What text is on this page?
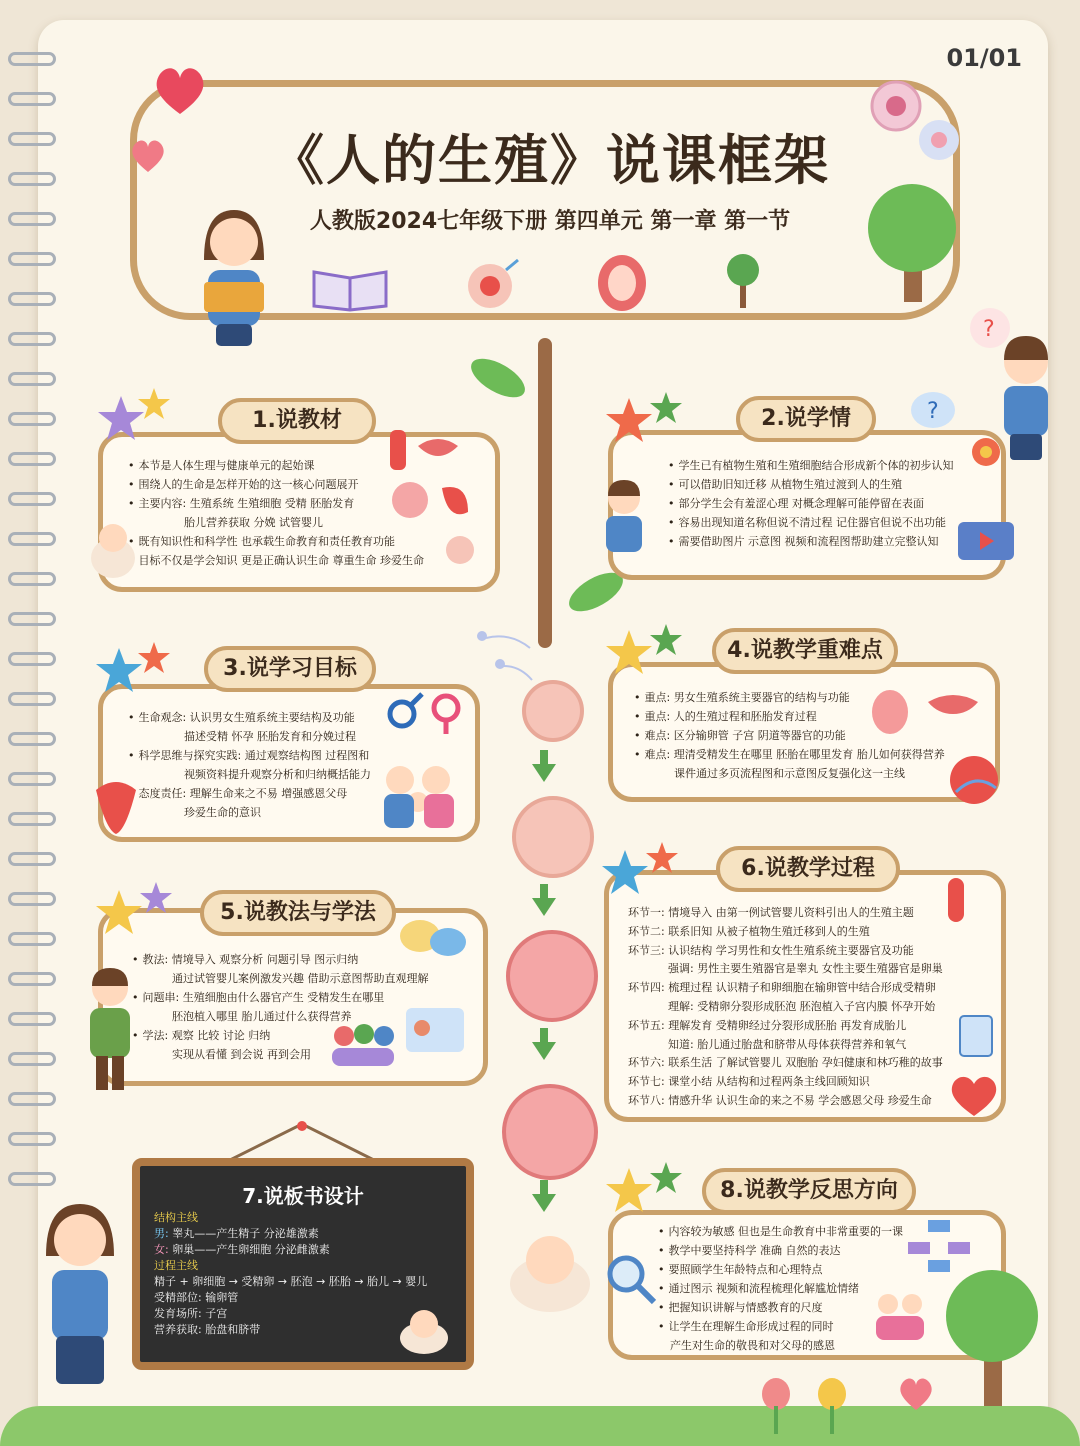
01/01
《人的生殖》说课框架
人教版2024七年级下册 第四单元 第一章 第一节
1.说教材
• 本节是人体生理与健康单元的起始课
• 围绕人的生命是怎样开始的这一核心问题展开
• 主要内容: 生殖系统 生殖细胞 受精 胚胎发育
胎儿营养获取 分娩 试管婴儿
• 既有知识性和科学性 也承载生命教育和责任教育功能
• 目标不仅是学会知识 更是正确认识生命 尊重生命 珍爱生命
2.说学情
• 学生已有植物生殖和生殖细胞结合形成新个体的初步认知
• 可以借助旧知迁移 从植物生殖过渡到人的生殖
• 部分学生会有羞涩心理 对概念理解可能停留在表面
• 容易出现知道名称但说不清过程 记住器官但说不出功能
• 需要借助图片 示意图 视频和流程图帮助建立完整认知
?
?
3.说学习目标
• 生命观念: 认识男女生殖系统主要结构及功能
描述受精 怀孕 胚胎发育和分娩过程
• 科学思维与探究实践: 通过观察结构图 过程图和
视频资料提升观察分析和归纳概括能力
• 态度责任: 理解生命来之不易 增强感恩父母
珍爱生命的意识
4.说教学重难点
• 重点: 男女生殖系统主要器官的结构与功能
• 重点: 人的生殖过程和胚胎发育过程
• 难点: 区分输卵管 子宫 阴道等器官的功能
• 难点: 理清受精发生在哪里 胚胎在哪里发育 胎儿如何获得营养
课件通过多页流程图和示意图反复强化这一主线
5.说教法与学法
• 教法: 情境导入 观察分析 问题引导 图示归纳
通过试管婴儿案例激发兴趣 借助示意图帮助直观理解
• 问题串: 生殖细胞由什么器官产生 受精发生在哪里
胚泡植入哪里 胎儿通过什么获得营养
• 学法: 观察 比较 讨论 归纳
实现从看懂 到会说 再到会用
6.说教学过程
环节一: 情境导入 由第一例试管婴儿资料引出人的生殖主题
环节二: 联系旧知 从被子植物生殖迁移到人的生殖
环节三: 认识结构 学习男性和女性生殖系统主要器官及功能
强调: 男性主要生殖器官是睾丸 女性主要生殖器官是卵巢
环节四: 梳理过程 认识精子和卵细胞在输卵管中结合形成受精卵
理解: 受精卵分裂形成胚泡 胚泡植入子宫内膜 怀孕开始
环节五: 理解发育 受精卵经过分裂形成胚胎 再发育成胎儿
知道: 胎儿通过胎盘和脐带从母体获得营养和氧气
环节六: 联系生活 了解试管婴儿 双胞胎 孕妇健康和林巧稚的故事
环节七: 课堂小结 从结构和过程两条主线回顾知识
环节八: 情感升华 认识生命的来之不易 学会感恩父母 珍爱生命
7.说板书设计
结构主线
男: 睾丸——产生精子 分泌雄激素
女: 卵巢——产生卵细胞 分泌雌激素
过程主线
精子 + 卵细胞 → 受精卵 → 胚泡 → 胚胎 → 胎儿 → 婴儿
受精部位: 输卵管
发育场所: 子宫
营养获取: 胎盘和脐带
8.说教学反思方向
• 内容较为敏感 但也是生命教育中非常重要的一课
• 教学中要坚持科学 准确 自然的表达
• 要照顾学生年龄特点和心理特点
• 通过图示 视频和流程梳理化解尴尬情绪
• 把握知识讲解与情感教育的尺度
• 让学生在理解生命形成过程的同时
产生对生命的敬畏和对父母的感恩
